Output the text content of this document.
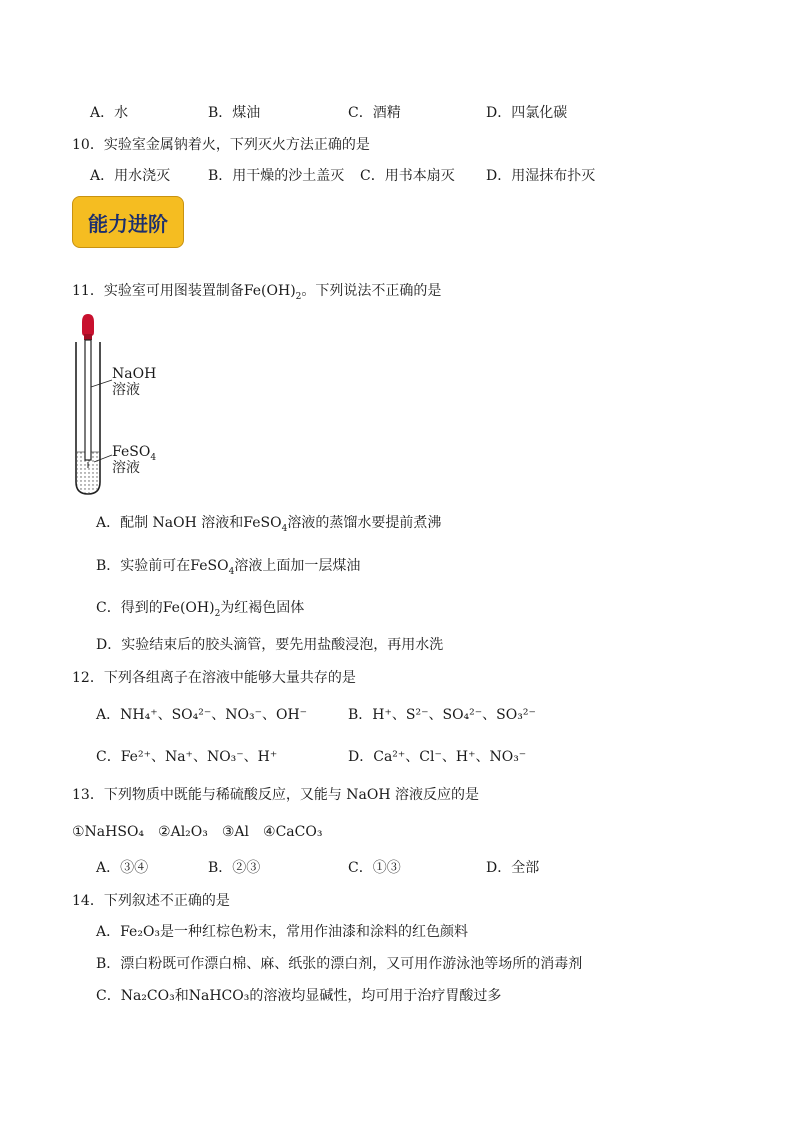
A．水	B．煤油	C．酒精	D．四氯化碳
10．实验室金属钠着火，下列灭火方法正确的是
A．用水浇灭	B．用干燥的沙土盖灭 C．用书本扇灭 D．用湿抹布扑灭
能力进阶
11．实验室可用图装置制备$Fe(OH)_2$。下列说法不正确的是
NaOH
溶液
FeSO$_4$
溶液
A．配制 NaOH 溶液和FeSO$_4$溶液的蒸馏水要提前煮沸
B．实验前可在FeSO$_4$溶液上面加一层煤油
C．得到的$Fe(OH)_2$为红褐色固体
D．实验结束后的胶头滴管，要先用盐酸浸泡，再用水洗
12．下列各组离子在溶液中能够大量共存的是
A．NH₄⁺、SO₄²⁻、NO₃⁻、OH⁻	B．H⁺、S²⁻、SO₄²⁻、SO₃²⁻
C．Fe²⁺、Na⁺、NO₃⁻、H⁺	D．Ca²⁺、Cl⁻、H⁺、NO₃⁻
13．下列物质中既能与稀硫酸反应，又能与 NaOH 溶液反应的是
①NaHSO₄　②Al₂O₃　③Al　④CaCO₃
A．③④	B．②③	C．①③	D．全部
14．下列叙述不正确的是
A．Fe₂O₃是一种红棕色粉末，常用作油漆和涂料的红色颜料
B．漂白粉既可作漂白棉、麻、纸张的漂白剂，又可用作游泳池等场所的消毒剂
C．Na₂CO₃和NaHCO₃的溶液均显碱性，均可用于治疗胃酸过多
